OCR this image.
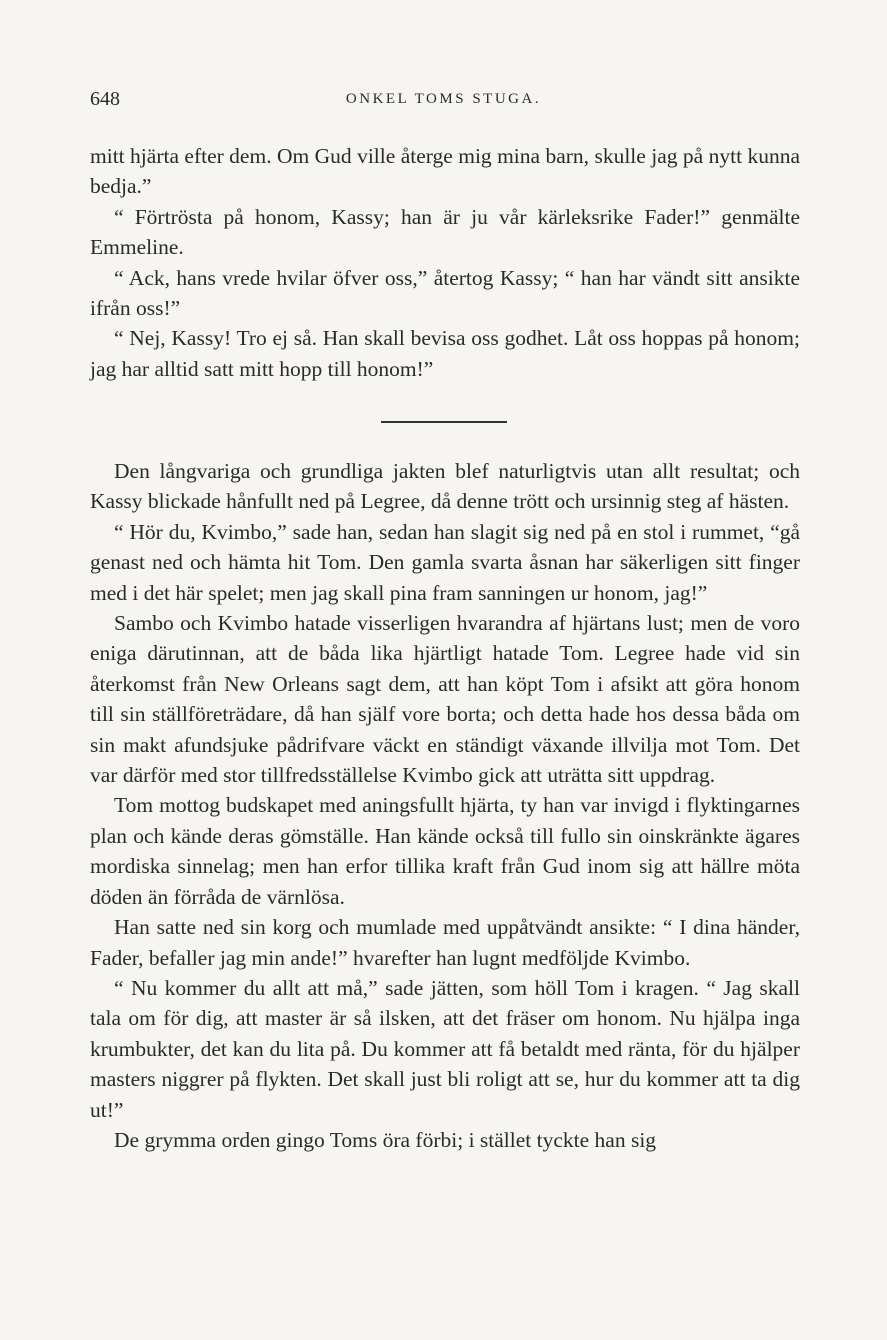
648	ONKEL TOMS STUGA.

mitt hjärta efter dem. Om Gud ville återge mig mina barn, skulle jag på nytt kunna bedja.”

“ Förtrösta på honom, Kassy; han är ju vår kärleksrike Fader!” genmälte Emmeline.

“ Ack, hans vrede hvilar öfver oss,” återtog Kassy; “ han har vändt sitt ansikte ifrån oss!”

“ Nej, Kassy! Tro ej så. Han skall bevisa oss godhet. Låt oss hoppas på honom; jag har alltid satt mitt hopp till honom!”

Den långvariga och grundliga jakten blef naturligtvis utan allt resultat; och Kassy blickade hånfullt ned på Legree, då denne trött och ursinnig steg af hästen.

“ Hör du, Kvimbo,” sade han, sedan han slagit sig ned på en stol i rummet, “gå genast ned och hämta hit Tom. Den gamla svarta åsnan har säkerligen sitt finger med i det här spelet; men jag skall pina fram sanningen ur honom, jag!”

Sambo och Kvimbo hatade visserligen hvarandra af hjärtans lust; men de voro eniga därutinnan, att de båda lika hjärtligt hatade Tom. Legree hade vid sin återkomst från New Orleans sagt dem, att han köpt Tom i afsikt att göra honom till sin ställföreträdare, då han själf vore borta; och detta hade hos dessa båda om sin makt afundsjuke pådrifvare väckt en ständigt växande illvilja mot Tom. Det var därför med stor tillfredsställelse Kvimbo gick att uträtta sitt uppdrag.

Tom mottog budskapet med aningsfullt hjärta, ty han var invigd i flyktingarnes plan och kände deras gömställe. Han kände också till fullo sin oinskränkte ägares mordiska sinnelag; men han erfor tillika kraft från Gud inom sig att hällre möta döden än förråda de värnlösa.

Han satte ned sin korg och mumlade med uppåtvändt ansikte: “ I dina händer, Fader, befaller jag min ande!” hvarefter han lugnt medföljde Kvimbo.

“ Nu kommer du allt att må,” sade jätten, som höll Tom i kragen. “ Jag skall tala om för dig, att master är så ilsken, att det fräser om honom. Nu hjälpa inga krumbukter, det kan du lita på. Du kommer att få betaldt med ränta, för du hjälper masters niggrer på flykten. Det skall just bli roligt att se, hur du kommer att ta dig ut!”

De grymma orden gingo Toms öra förbi; i stället tyckte han sig
